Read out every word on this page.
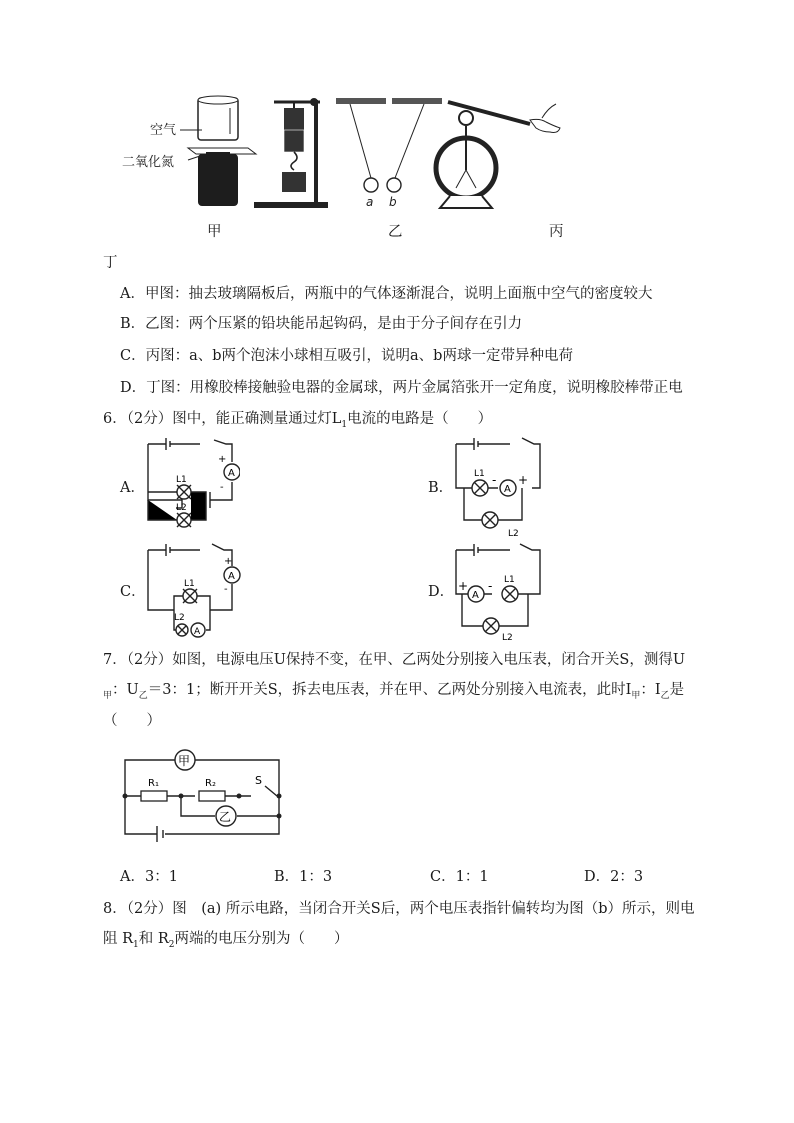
空气
二氧化氮
a b
甲	乙	丙
丁
A．甲图：抽去玻璃隔板后，两瓶中的气体逐渐混合，说明上面瓶中空气的密度较大
B．乙图：两个压紧的铅块能吊起钩码，是由于分子间存在引力
C．丙图：a、b两个泡沫小球相互吸引，说明a、b两球一定带异种电荷
D．丁图：用橡胶棒接触验电器的金属球，两片金属箔张开一定角度，说明橡胶棒带正电
6．（2分）图中，能正确测量通过灯$L_1$电流的电路是（　　）
A．	B．
C．	D．
A
L1
L2
+
-	A
L1
L2
- +
A
A
L1
L2
+
-
A
L1
L2
+ -
7．（2分）如图，电源电压U保持不变，在甲、乙两处分别接入电压表，闭合开关S，测得U
$_甲$：$U_乙=3$：1；断开开关S，拆去电压表，并在甲、乙两处分别接入电流表，此时$I_甲$：$I_乙$是
（　　）
甲
乙
R₁	R₂	S
A．3：1	B．1：3	C．1：1	D．2：3
8．（2分）图　(a) 所示电路，当闭合开关S后，两个电压表指针偏转均为图（b）所示，则电
阻 $R_1$和 $R_2$两端的电压分别为（　　）
